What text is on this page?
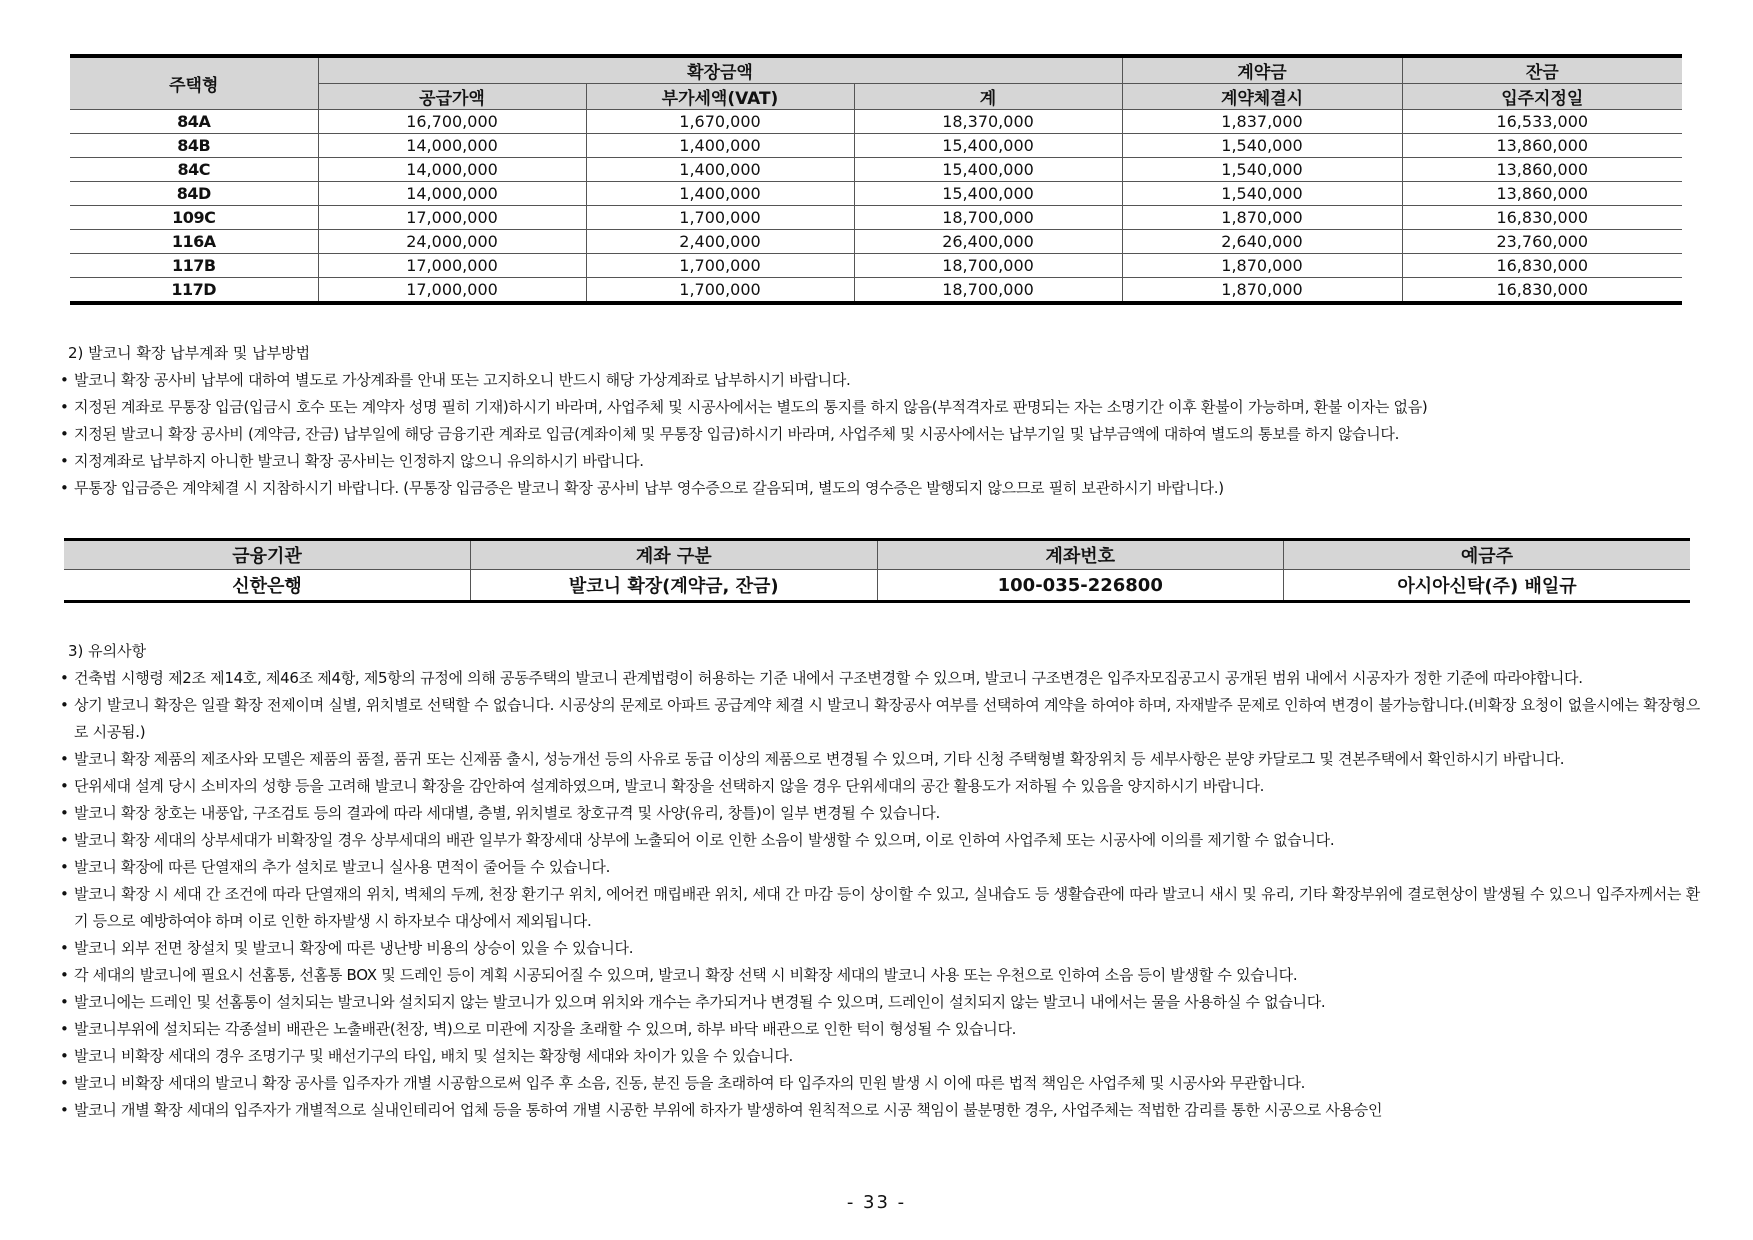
주택형	확장금액			계약금	잔금
	공급가액	부가세액(VAT)	계	계약체결시	입주지정일
84A	16,700,000	1,670,000	18,370,000	1,837,000	16,533,000
84B	14,000,000	1,400,000	15,400,000	1,540,000	13,860,000
84C	14,000,000	1,400,000	15,400,000	1,540,000	13,860,000
84D	14,000,000	1,400,000	15,400,000	1,540,000	13,860,000
109C	17,000,000	1,700,000	18,700,000	1,870,000	16,830,000
116A	24,000,000	2,400,000	26,400,000	2,640,000	23,760,000
117B	17,000,000	1,700,000	18,700,000	1,870,000	16,830,000
117D	17,000,000	1,700,000	18,700,000	1,870,000	16,830,000
2) 발코니 확장 납부계좌 및 납부방법
• 발코니 확장 공사비 납부에 대하여 별도로 가상계좌를 안내 또는 고지하오니 반드시 해당 가상계좌로 납부하시기 바랍니다.
• 지정된 계좌로 무통장 입금(입금시 호수 또는 계약자 성명 필히 기재)하시기 바라며, 사업주체 및 시공사에서는 별도의 통지를 하지 않음(부적격자로 판명되는 자는 소명기간 이후 환불이 가능하며, 환불 이자는 없음)
• 지정된 발코니 확장 공사비 (계약금, 잔금) 납부일에 해당 금융기관 계좌로 입금(계좌이체 및 무통장 입금)하시기 바라며, 사업주체 및 시공사에서는 납부기일 및 납부금액에 대하여 별도의 통보를 하지 않습니다.
• 지정계좌로 납부하지 아니한 발코니 확장 공사비는 인정하지 않으니 유의하시기 바랍니다.
• 무통장 입금증은 계약체결 시 지참하시기 바랍니다. (무통장 입금증은 발코니 확장 공사비 납부 영수증으로 갈음되며, 별도의 영수증은 발행되지 않으므로 필히 보관하시기 바랍니다.)
금융기관	계좌 구분	계좌번호	예금주
신한은행	발코니 확장(계약금, 잔금)	100-035-226800	아시아신탁(주) 배일규
3) 유의사항
• 건축법 시행령 제2조 제14호, 제46조 제4항, 제5항의 규정에 의해 공동주택의 발코니 관계법령이 허용하는 기준 내에서 구조변경할 수 있으며, 발코니 구조변경은 입주자모집공고시 공개된 범위 내에서 시공자가 정한 기준에 따라야합니다.
• 상기 발코니 확장은 일괄 확장 전제이며 실별, 위치별로 선택할 수 없습니다. 시공상의 문제로 아파트 공급계약 체결 시 발코니 확장공사 여부를 선택하여 계약을 하여야 하며, 자재발주 문제로 인하여 변경이 불가능합니다.(비확장 요청이 없을시에는 확장형으로 시공됨.)
• 발코니 확장 제품의 제조사와 모델은 제품의 품절, 품귀 또는 신제품 출시, 성능개선 등의 사유로 동급 이상의 제품으로 변경될 수 있으며, 기타 신청 주택형별 확장위치 등 세부사항은 분양 카달로그 및 견본주택에서 확인하시기 바랍니다.
• 단위세대 설계 당시 소비자의 성향 등을 고려해 발코니 확장을 감안하여 설계하였으며, 발코니 확장을 선택하지 않을 경우 단위세대의 공간 활용도가 저하될 수 있음을 양지하시기 바랍니다.
• 발코니 확장 창호는 내풍압, 구조검토 등의 결과에 따라 세대별, 층별, 위치별로 창호규격 및 사양(유리, 창틀)이 일부 변경될 수 있습니다.
• 발코니 확장 세대의 상부세대가 비확장일 경우 상부세대의 배관 일부가 확장세대 상부에 노출되어 이로 인한 소음이 발생할 수 있으며, 이로 인하여 사업주체 또는 시공사에 이의를 제기할 수 없습니다.
• 발코니 확장에 따른 단열재의 추가 설치로 발코니 실사용 면적이 줄어들 수 있습니다.
• 발코니 확장 시 세대 간 조건에 따라 단열재의 위치, 벽체의 두께, 천장 환기구 위치, 에어컨 매립배관 위치, 세대 간 마감 등이 상이할 수 있고, 실내습도 등 생활습관에 따라 발코니 새시 및 유리, 기타 확장부위에 결로현상이 발생될 수 있으니 입주자께서는 환기 등으로 예방하여야 하며 이로 인한 하자발생 시 하자보수 대상에서 제외됩니다.
• 발코니 외부 전면 창설치 및 발코니 확장에 따른 냉난방 비용의 상승이 있을 수 있습니다.
• 각 세대의 발코니에 필요시 선홈통, 선홈통 BOX 및 드레인 등이 계획 시공되어질 수 있으며, 발코니 확장 선택 시 비확장 세대의 발코니 사용 또는 우천으로 인하여 소음 등이 발생할 수 있습니다.
• 발코니에는 드레인 및 선홈통이 설치되는 발코니와 설치되지 않는 발코니가 있으며 위치와 개수는 추가되거나 변경될 수 있으며, 드레인이 설치되지 않는 발코니 내에서는 물을 사용하실 수 없습니다.
• 발코니부위에 설치되는 각종설비 배관은 노출배관(천장, 벽)으로 미관에 지장을 초래할 수 있으며, 하부 바닥 배관으로 인한 턱이 형성될 수 있습니다.
• 발코니 비확장 세대의 경우 조명기구 및 배선기구의 타입, 배치 및 설치는 확장형 세대와 차이가 있을 수 있습니다.
• 발코니 비확장 세대의 발코니 확장 공사를 입주자가 개별 시공함으로써 입주 후 소음, 진동, 분진 등을 초래하여 타 입주자의 민원 발생 시 이에 따른 법적 책임은 사업주체 및 시공사와 무관합니다.
• 발코니 개별 확장 세대의 입주자가 개별적으로 실내인테리어 업체 등을 통하여 개별 시공한 부위에 하자가 발생하여 원칙적으로 시공 책임이 불분명한 경우, 사업주체는 적법한 감리를 통한 시공으로 사용승인
- 33 -
